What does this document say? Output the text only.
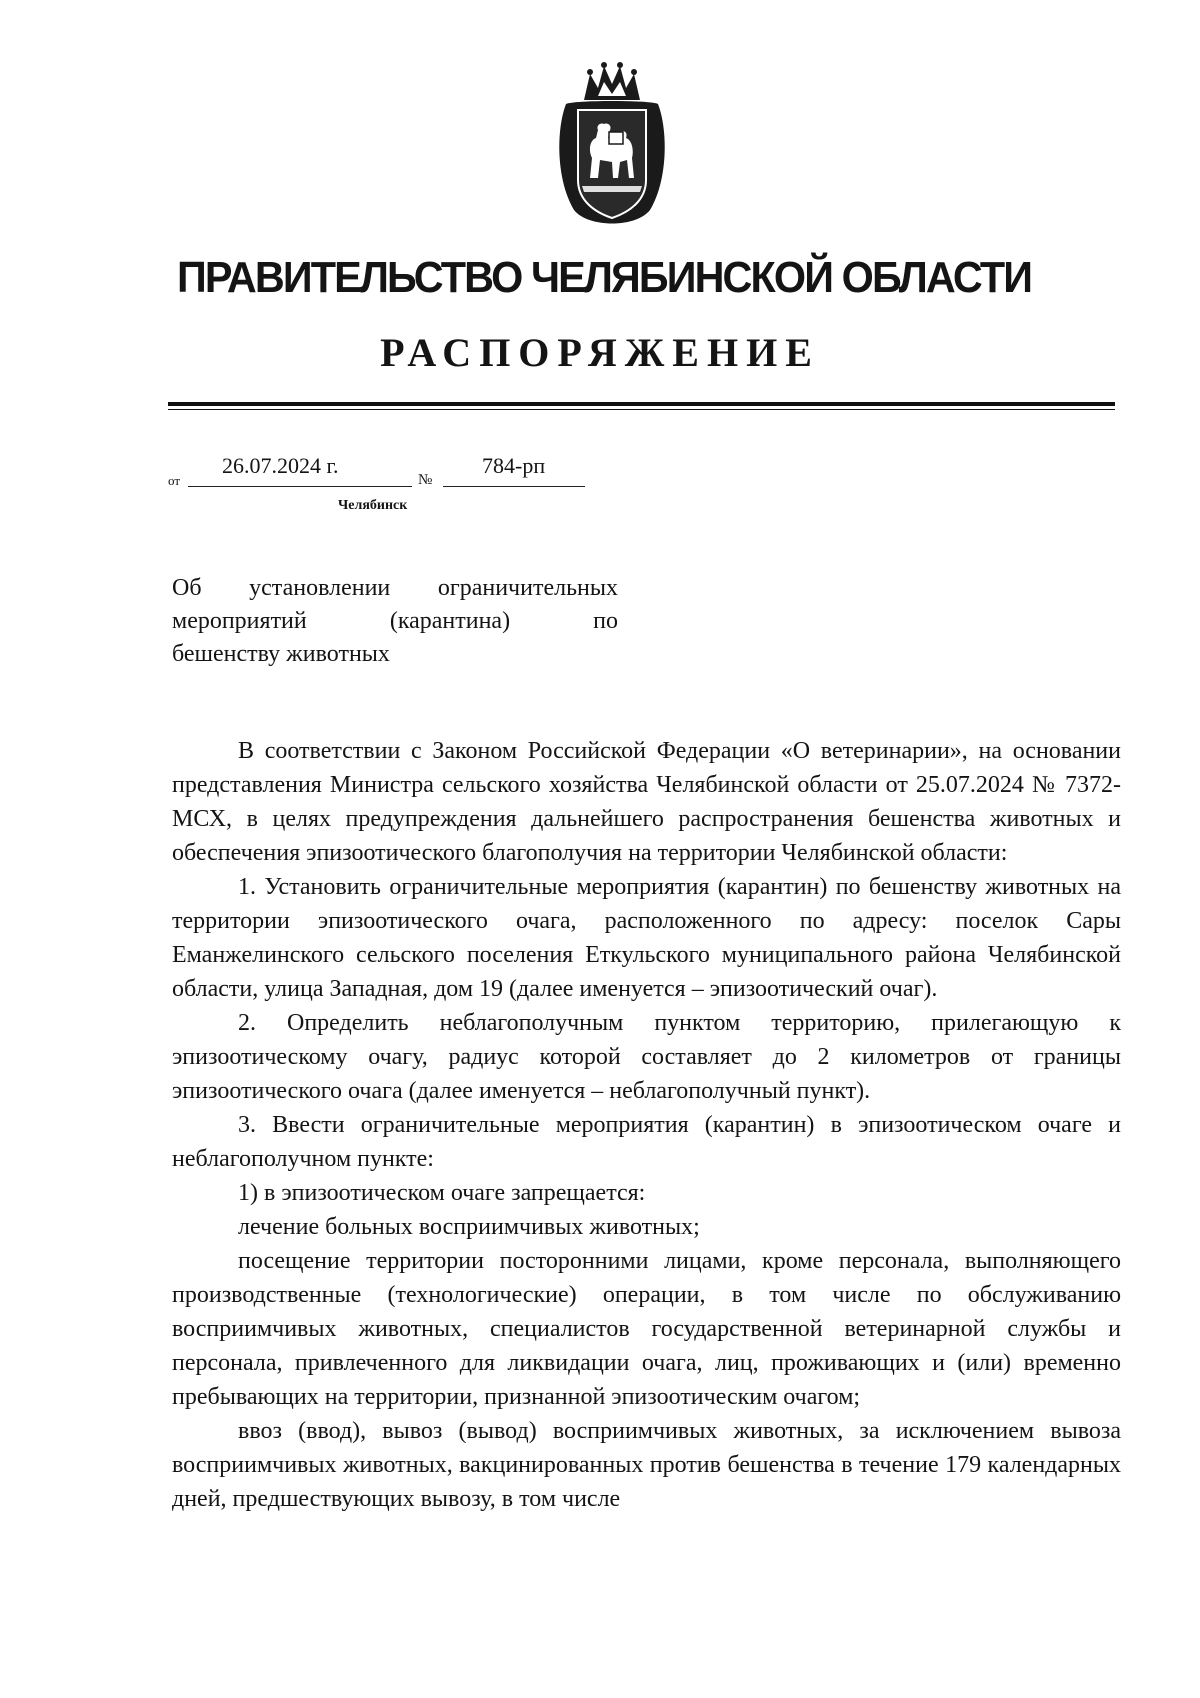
ПРАВИТЕЛЬСТВО ЧЕЛЯБИНСКОЙ ОБЛАСТИ
РАСПОРЯЖЕНИЕ
от
26.07.2024 г.
№
784-рп
Челябинск
Об установлении ограничительных
мероприятий (карантина) по
бешенству животных

В соответствии с Законом Российской Федерации «О ветеринарии», на основании представления Министра сельского хозяйства Челябинской области от 25.07.2024 № 7372-МСХ, в целях предупреждения дальнейшего распространения бешенства животных и обеспечения эпизоотического благополучия на территории Челябинской области:

1. Установить ограничительные мероприятия (карантин) по бешенству животных на территории эпизоотического очага, расположенного по адресу: поселок Сары Еманжелинского сельского поселения Еткульского муниципального района Челябинской области, улица Западная, дом 19 (далее именуется – эпизоотический очаг).

2. Определить неблагополучным пунктом территорию, прилегающую к эпизоотическому очагу, радиус которой составляет до 2 километров от границы эпизоотического очага (далее именуется – неблагополучный пункт).

3. Ввести ограничительные мероприятия (карантин) в эпизоотическом очаге и неблагополучном пункте:

1) в эпизоотическом очаге запрещается:

лечение больных восприимчивых животных;

посещение территории посторонними лицами, кроме персонала, выполняющего производственные (технологические) операции, в том числе по обслуживанию восприимчивых животных, специалистов государственной ветеринарной службы и персонала, привлеченного для ликвидации очага, лиц, проживающих и (или) временно пребывающих на территории, признанной эпизоотическим очагом;

ввоз (ввод), вывоз (вывод) восприимчивых животных, за исключением вывоза восприимчивых животных, вакцинированных против бешенства в течение 179 календарных дней, предшествующих вывозу, в том числе
